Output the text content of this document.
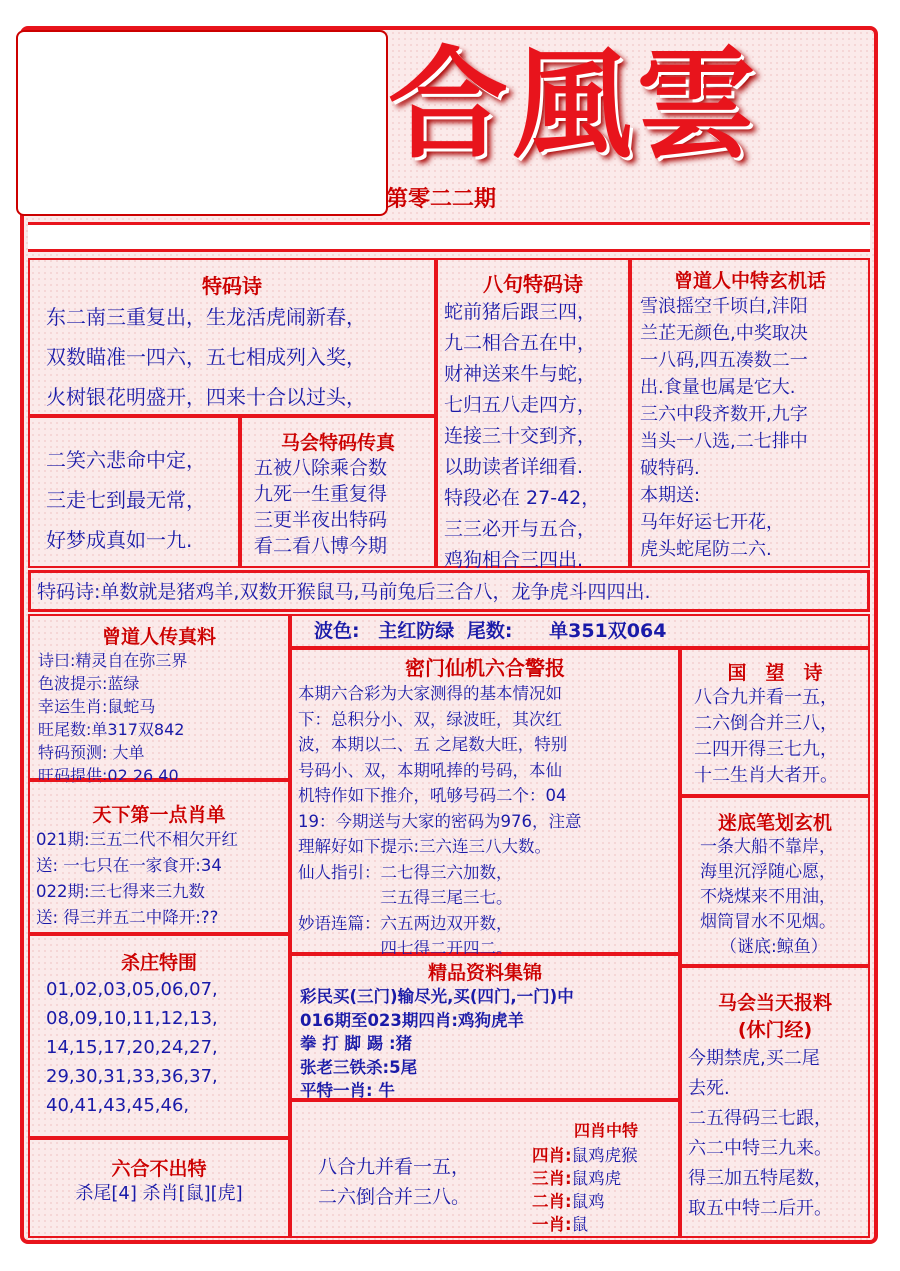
合風雲
第零二二期
特码诗
东二南三重复出，生龙活虎闹新春，
双数瞄准一四六，五七相成列入奖，
火树银花明盛开，四来十合以过头，
二笑六悲命中定，
三走七到最无常，
好梦成真如一九.
马会特码传真
五被八除乘合数
九死一生重复得
三更半夜出特码
看二看八博今期
八句特码诗
蛇前猪后跟三四，
九二相合五在中，
财神送来牛与蛇，
七归五八走四方，
连接三十交到齐，
以助读者详细看.
特段必在 27-42，
三三必开与五合，
鸡狗相合三四出.
曾道人中特玄机话
雪浪摇空千顷白,沣阳
兰芷无颜色,中奖取决
一八码,四五凑数二一
出.食量也属是它大.
三六中段齐数开,九字
当头一八选,二七排中
破特码.
本期送:
马年好运七开花，
虎头蛇尾防二六.
特码诗:单数就是猪鸡羊,双数开猴鼠马,马前兔后三合八，龙争虎斗四四出.
曾道人传真料
诗曰:精灵自在弥三界
色波提示:蓝绿
幸运生肖:鼠蛇马
旺尾数:单317双842
特码预测: 大单
旺码提供:02 26 40
波色: 主红防绿 尾数: 单351双064
密门仙机六合警报
本期六合彩为大家测得的基本情况如
下：总积分小、双，绿波旺，其次红
波，本期以二、五 之尾数大旺，特别
号码小、双，本期吼捧的号码，本仙
机特作如下推介，吼够号码二个：04
19：今期送与大家的密码为976，注意
理解好如下提示:三六连三八大数。
仙人指引：二七得三六加数，
　　　　　三五得三尾三七。
妙语连篇：六五两边双开数，
　　　　　四七得二开四二。
国　望　诗
八合九并看一五，
二六倒合并三八，
二四开得三七九，
十二生肖大者开。
天下第一点肖单
021期:三五二代不相欠开红
送: 一七只在一家食开:34
022期:三七得来三九数
送: 得三并五二中降开:??
迷底笔划玄机
一条大船不靠岸，
海里沉浮随心愿，
不烧煤来不用油，
烟筒冒水不见烟。
（谜底:鲸鱼）
杀庄特围
01,02,03,05,06,07,
08,09,10,11,12,13,
14,15,17,20,24,27,
29,30,31,33,36,37,
40,41,43,45,46,
精品资料集锦
彩民买(三门)输尽光,买(四门,一门)中
016期至023期四肖:鸡狗虎羊
拳 打 脚 踢 :猪
张老三铁杀:5尾
平特一肖: 牛
马会当天报料
(休门经)
今期禁虎,买二尾
去死.
二五得码三七跟，
六二中特三九来。
得三加五特尾数，
取五中特二后开。
六合不出特
杀尾[4] 杀肖[鼠][虎]
八合九并看一五，
二六倒合并三八。
四肖中特
四肖:鼠鸡虎猴
三肖:鼠鸡虎
二肖:鼠鸡
一肖:鼠
